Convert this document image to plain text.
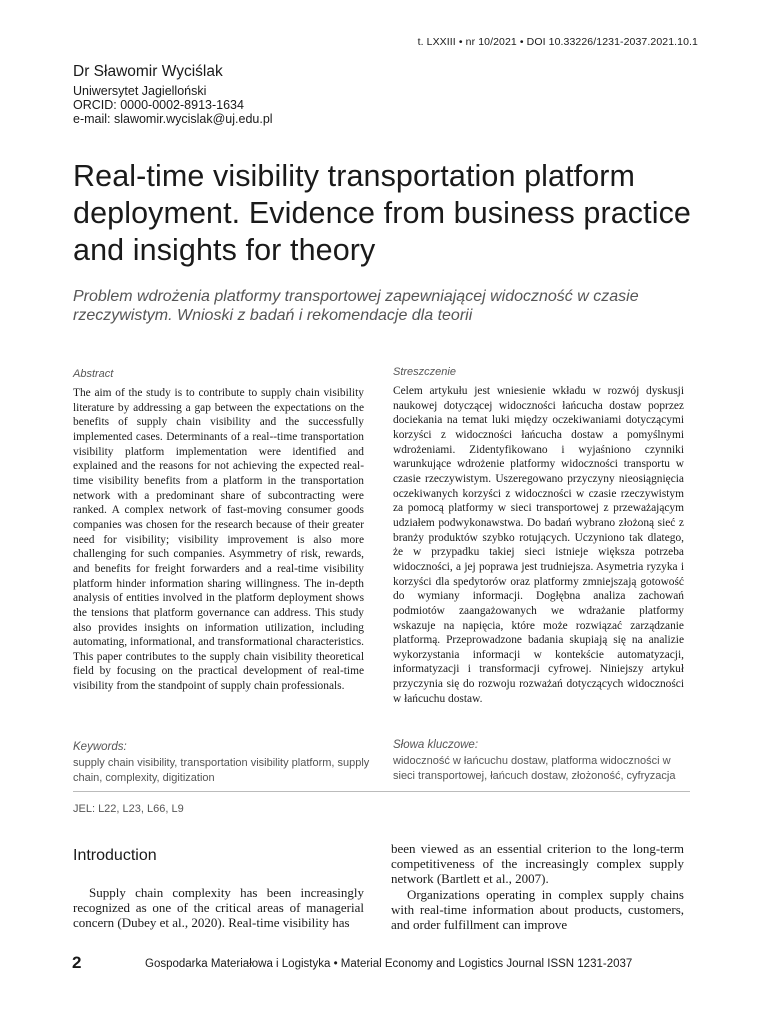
t. LXXIII • nr 10/2021 • DOI 10.33226/1231-2037.2021.10.1

Dr Sławomir Wyciślak

Uniwersytet Jagielloński

ORCID: 0000-0002-8913-1634

e-mail: slawomir.wycislak@uj.edu.pl

Real-time visibility transportation platform deployment. Evidence from business practice and insights for theory

Problem wdrożenia platformy transportowej zapewniającej widoczność w czasie rzeczywistym. Wnioski z badań i rekomendacje dla teorii

Abstract

The aim of the study is to contribute to supply chain visibility literature by addressing a gap between the expectations on the benefits of supply chain visibility and the successfully implemented cases. Determinants of a real--time transportation visibility platform implementation were identified and explained and the reasons for not achieving the expected real-time visibility benefits from a platform in the transportation network with a predominant share of subcontracting were ranked. A complex network of fast-moving consumer goods companies was chosen for the research because of their greater need for visibility; visibility improvement is also more challenging for such companies. Asymmetry of risk, rewards, and benefits for freight forwarders and a real-time visibility platform hinder information sharing willingness. The in-depth analysis of entities involved in the platform deployment shows the tensions that platform governance can address. This study also provides insights on information utilization, including automating, informational, and transformational characteristics. This paper contributes to the supply chain visibility theoretical field by focusing on the practical development of real-time visibility from the standpoint of supply chain professionals.

Streszczenie

Celem artykułu jest wniesienie wkładu w rozwój dyskusji naukowej dotyczącej widoczności łańcucha dostaw poprzez dociekania na temat luki między oczekiwaniami dotyczącymi korzyści z widoczności łańcucha dostaw a pomyślnymi wdrożeniami. Zidentyfikowano i wyjaśniono czynniki warunkujące wdrożenie platformy widoczności transportu w czasie rzeczywistym. Uszeregowano przyczyny nieosiągnięcia oczekiwanych korzyści z widoczności w czasie rzeczywistym za pomocą platformy w sieci transportowej z przeważającym udziałem podwykonawstwa. Do badań wybrano złożoną sieć z branży produktów szybko rotujących. Uczyniono tak dlatego, że w przypadku takiej sieci istnieje większa potrzeba widoczności, a jej poprawa jest trudniejsza. Asymetria ryzyka i korzyści dla spedytorów oraz platformy zmniejszają gotowość do wymiany informacji. Dogłębna analiza zachowań podmiotów zaangażowanych we wdrażanie platformy wskazuje na napięcia, które może rozwiązać zarządzanie platformą. Przeprowadzone badania skupiają się na analizie wykorzystania informacji w kontekście automatyzacji, informatyzacji i transformacji cyfrowej. Niniejszy artykuł przyczynia się do rozwoju rozważań dotyczących widoczności w łańcuchu dostaw.

Keywords:

supply chain visibility, transportation visibility platform, supply chain, complexity, digitization

Słowa kluczowe:

widoczność w łańcuchu dostaw, platforma widoczności w sieci transportowej, łańcuch dostaw, złożoność, cyfryzacja

JEL: L22, L23, L66, L9
Introduction

Supply chain complexity has been increasingly recognized as one of the critical areas of managerial concern (Dubey et al., 2020). Real-time visibility has

been viewed as an essential criterion to the long-term competitiveness of the increasingly complex supply network (Bartlett et al., 2007).

Organizations operating in complex supply chains with real-time information about products, customers, and order fulfillment can improve

2	Gospodarka Materiałowa i Logistyka • Material Economy and Logistics Journal ISSN 1231-2037
